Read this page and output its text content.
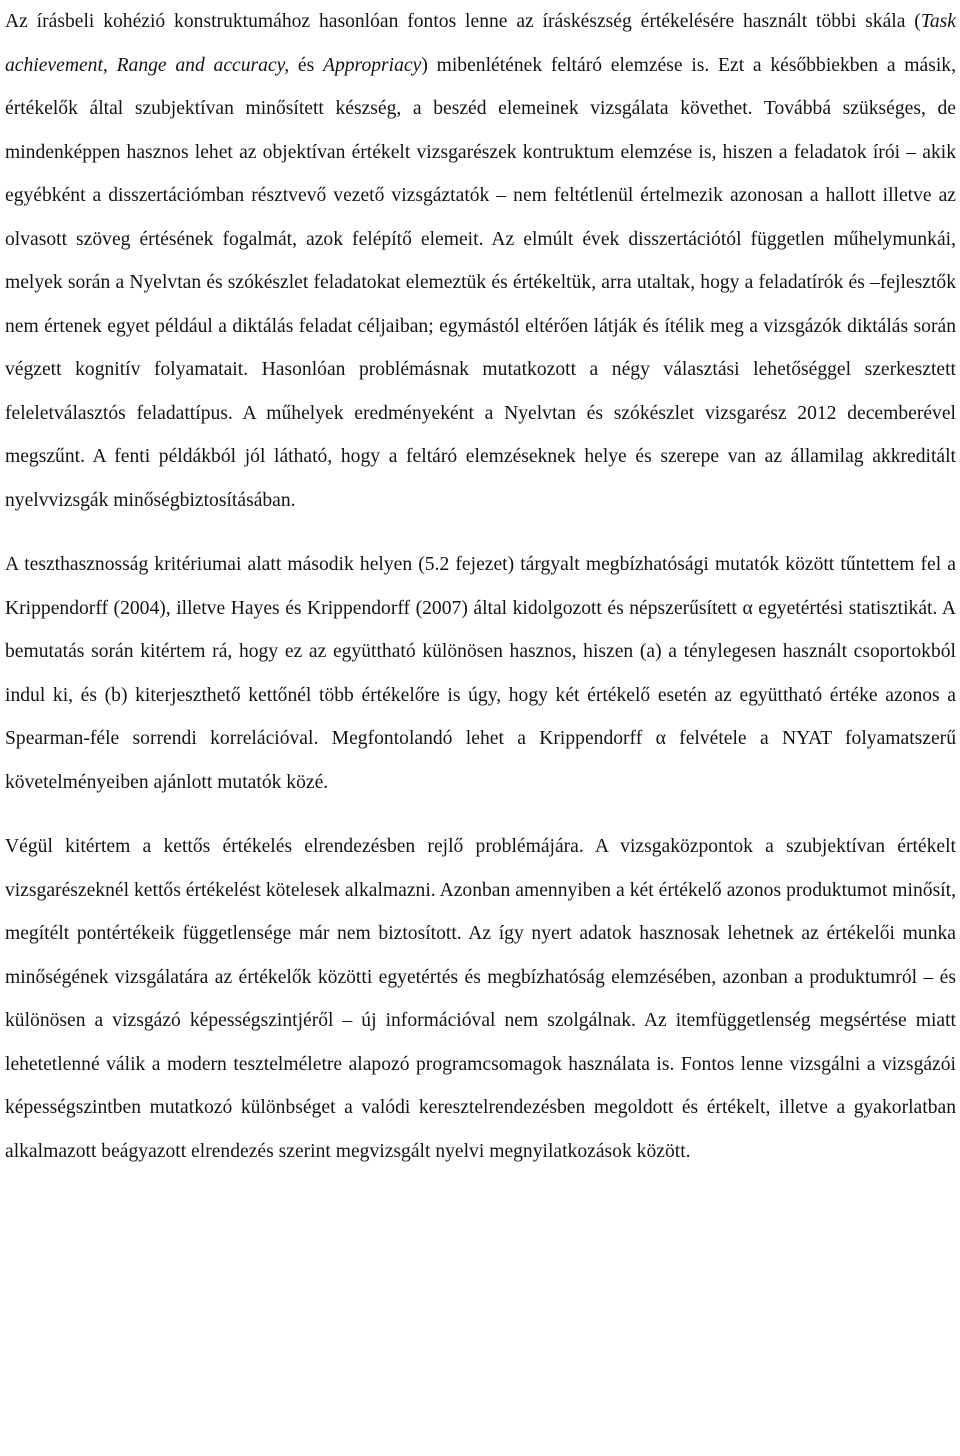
Az írásbeli kohézió konstruktumához hasonlóan fontos lenne az íráskészség értékelésére használt többi skála (Task achievement, Range and accuracy, és Appropriacy) mibenlétének feltáró elemzése is. Ezt a későbbiekben a másik, értékelők által szubjektívan minősített készség, a beszéd elemeinek vizsgálata követhet. Továbbá szükséges, de mindenképpen hasznos lehet az objektívan értékelt vizsgarészek kontruktum elemzése is, hiszen a feladatok írói – akik egyébként a disszertációmban résztvevő vezető vizsgáztatók – nem feltétlenül értelmezik azonosan a hallott illetve az olvasott szöveg értésének fogalmát, azok felépítő elemeit. Az elmúlt évek disszertációtól független műhelymunkái, melyek során a Nyelvtan és szókészlet feladatokat elemeztük és értékeltük, arra utaltak, hogy a feladatírók és –fejlesztők nem értenek egyet például a diktálás feladat céljaiban; egymástól eltérően látják és ítélik meg a vizsgázók diktálás során végzett kognitív folyamatait. Hasonlóan problémásnak mutatkozott a négy választási lehetőséggel szerkesztett feleletválasztós feladattípus. A műhelyek eredményeként a Nyelvtan és szókészlet vizsgarész 2012 decemberével megszűnt. A fenti példákból jól látható, hogy a feltáró elemzéseknek helye és szerepe van az államilag akkreditált nyelvvizsgák minőségbiztosításában.

A teszthasznosság kritériumai alatt második helyen (5.2 fejezet) tárgyalt megbízhatósági mutatók között tűntettem fel a Krippendorff (2004), illetve Hayes és Krippendorff (2007) által kidolgozott és népszerűsített α egyetértési statisztikát. A bemutatás során kitértem rá, hogy ez az együttható különösen hasznos, hiszen (a) a ténylegesen használt csoportokból indul ki, és (b) kiterjeszthető kettőnél több értékelőre is úgy, hogy két értékelő esetén az együttható értéke azonos a Spearman-féle sorrendi korrelációval. Megfontolandó lehet a Krippendorff α felvétele a NYAT folyamatszerű követelményeiben ajánlott mutatók közé.

Végül kitértem a kettős értékelés elrendezésben rejlő problémájára. A vizsgaközpontok a szubjektívan értékelt vizsgarészeknél kettős értékelést kötelesek alkalmazni. Azonban amennyiben a két értékelő azonos produktumot minősít, megítélt pontértékeik függetlensége már nem biztosított. Az így nyert adatok hasznosak lehetnek az értékelői munka minőségének vizsgálatára az értékelők közötti egyetértés és megbízhatóság elemzésében, azonban a produktumról – és különösen a vizsgázó képességszintjéről – új információval nem szolgálnak. Az itemfüggetlenség megsértése miatt lehetetlenné válik a modern tesztelméletre alapozó programcsomagok használata is. Fontos lenne vizsgálni a vizsgázói képességszintben mutatkozó különbséget a valódi keresztelrendezésben megoldott és értékelt, illetve a gyakorlatban alkalmazott beágyazott elrendezés szerint megvizsgált nyelvi megnyilatkozások között.
